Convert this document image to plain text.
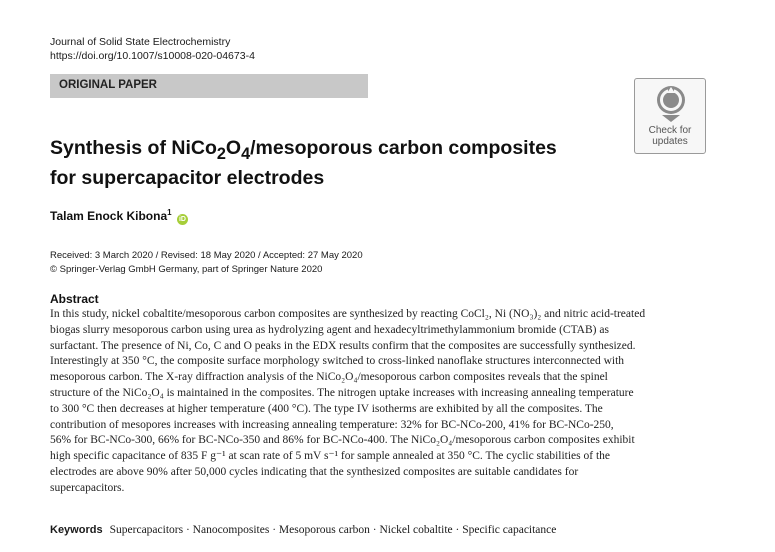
Journal of Solid State Electrochemistry
https://doi.org/10.1007/s10008-020-04673-4
ORIGINAL PAPER
Check for
updates
Synthesis of $NiCo_2O_4$/mesoporous carbon composites
for supercapacitor electrodes
Talam Enock Kibona$^1$ iD
Received: 3 March 2020 / Revised: 18 May 2020 / Accepted: 27 May 2020
© Springer-Verlag GmbH Germany, part of Springer Nature 2020
Abstract
In this study, nickel cobaltite/mesoporous carbon composites are synthesized by reacting CoCl₂, Ni (NO₃)₂ and nitric acid-treated
biogas slurry mesoporous carbon using urea as hydrolyzing agent and hexadecyltrimethylammonium bromide (CTAB) as
surfactant. The presence of Ni, Co, C and O peaks in the EDX results confirm that the composites are successfully synthesized.
Interestingly at 350 °C, the composite surface morphology switched to cross-linked nanoflake structures interconnected with
mesoporous carbon. The X-ray diffraction analysis of the NiCo₂O₄/mesoporous carbon composites reveals that the spinel
structure of the NiCo₂O₄ is maintained in the composites. The nitrogen uptake increases with increasing annealing temperature
to 300 °C then decreases at higher temperature (400 °C). The type IV isotherms are exhibited by all the composites. The
contribution of mesopores increases with increasing annealing temperature: 32% for BC-NCo-200, 41% for BC-NCo-250,
56% for BC-NCo-300, 66% for BC-NCo-350 and 86% for BC-NCo-400. The NiCo₂O₄/mesoporous carbon composites exhibit
high specific capacitance of 835 F g⁻¹ at scan rate of 5 mV s⁻¹ for sample annealed at 350 °C. The cyclic stabilities of the
electrodes are above 90% after 50,000 cycles indicating that the synthesized composites are suitable candidates for
supercapacitors.
Keywords Supercapacitors · Nanocomposites · Mesoporous carbon · Nickel cobaltite · Specific capacitance
